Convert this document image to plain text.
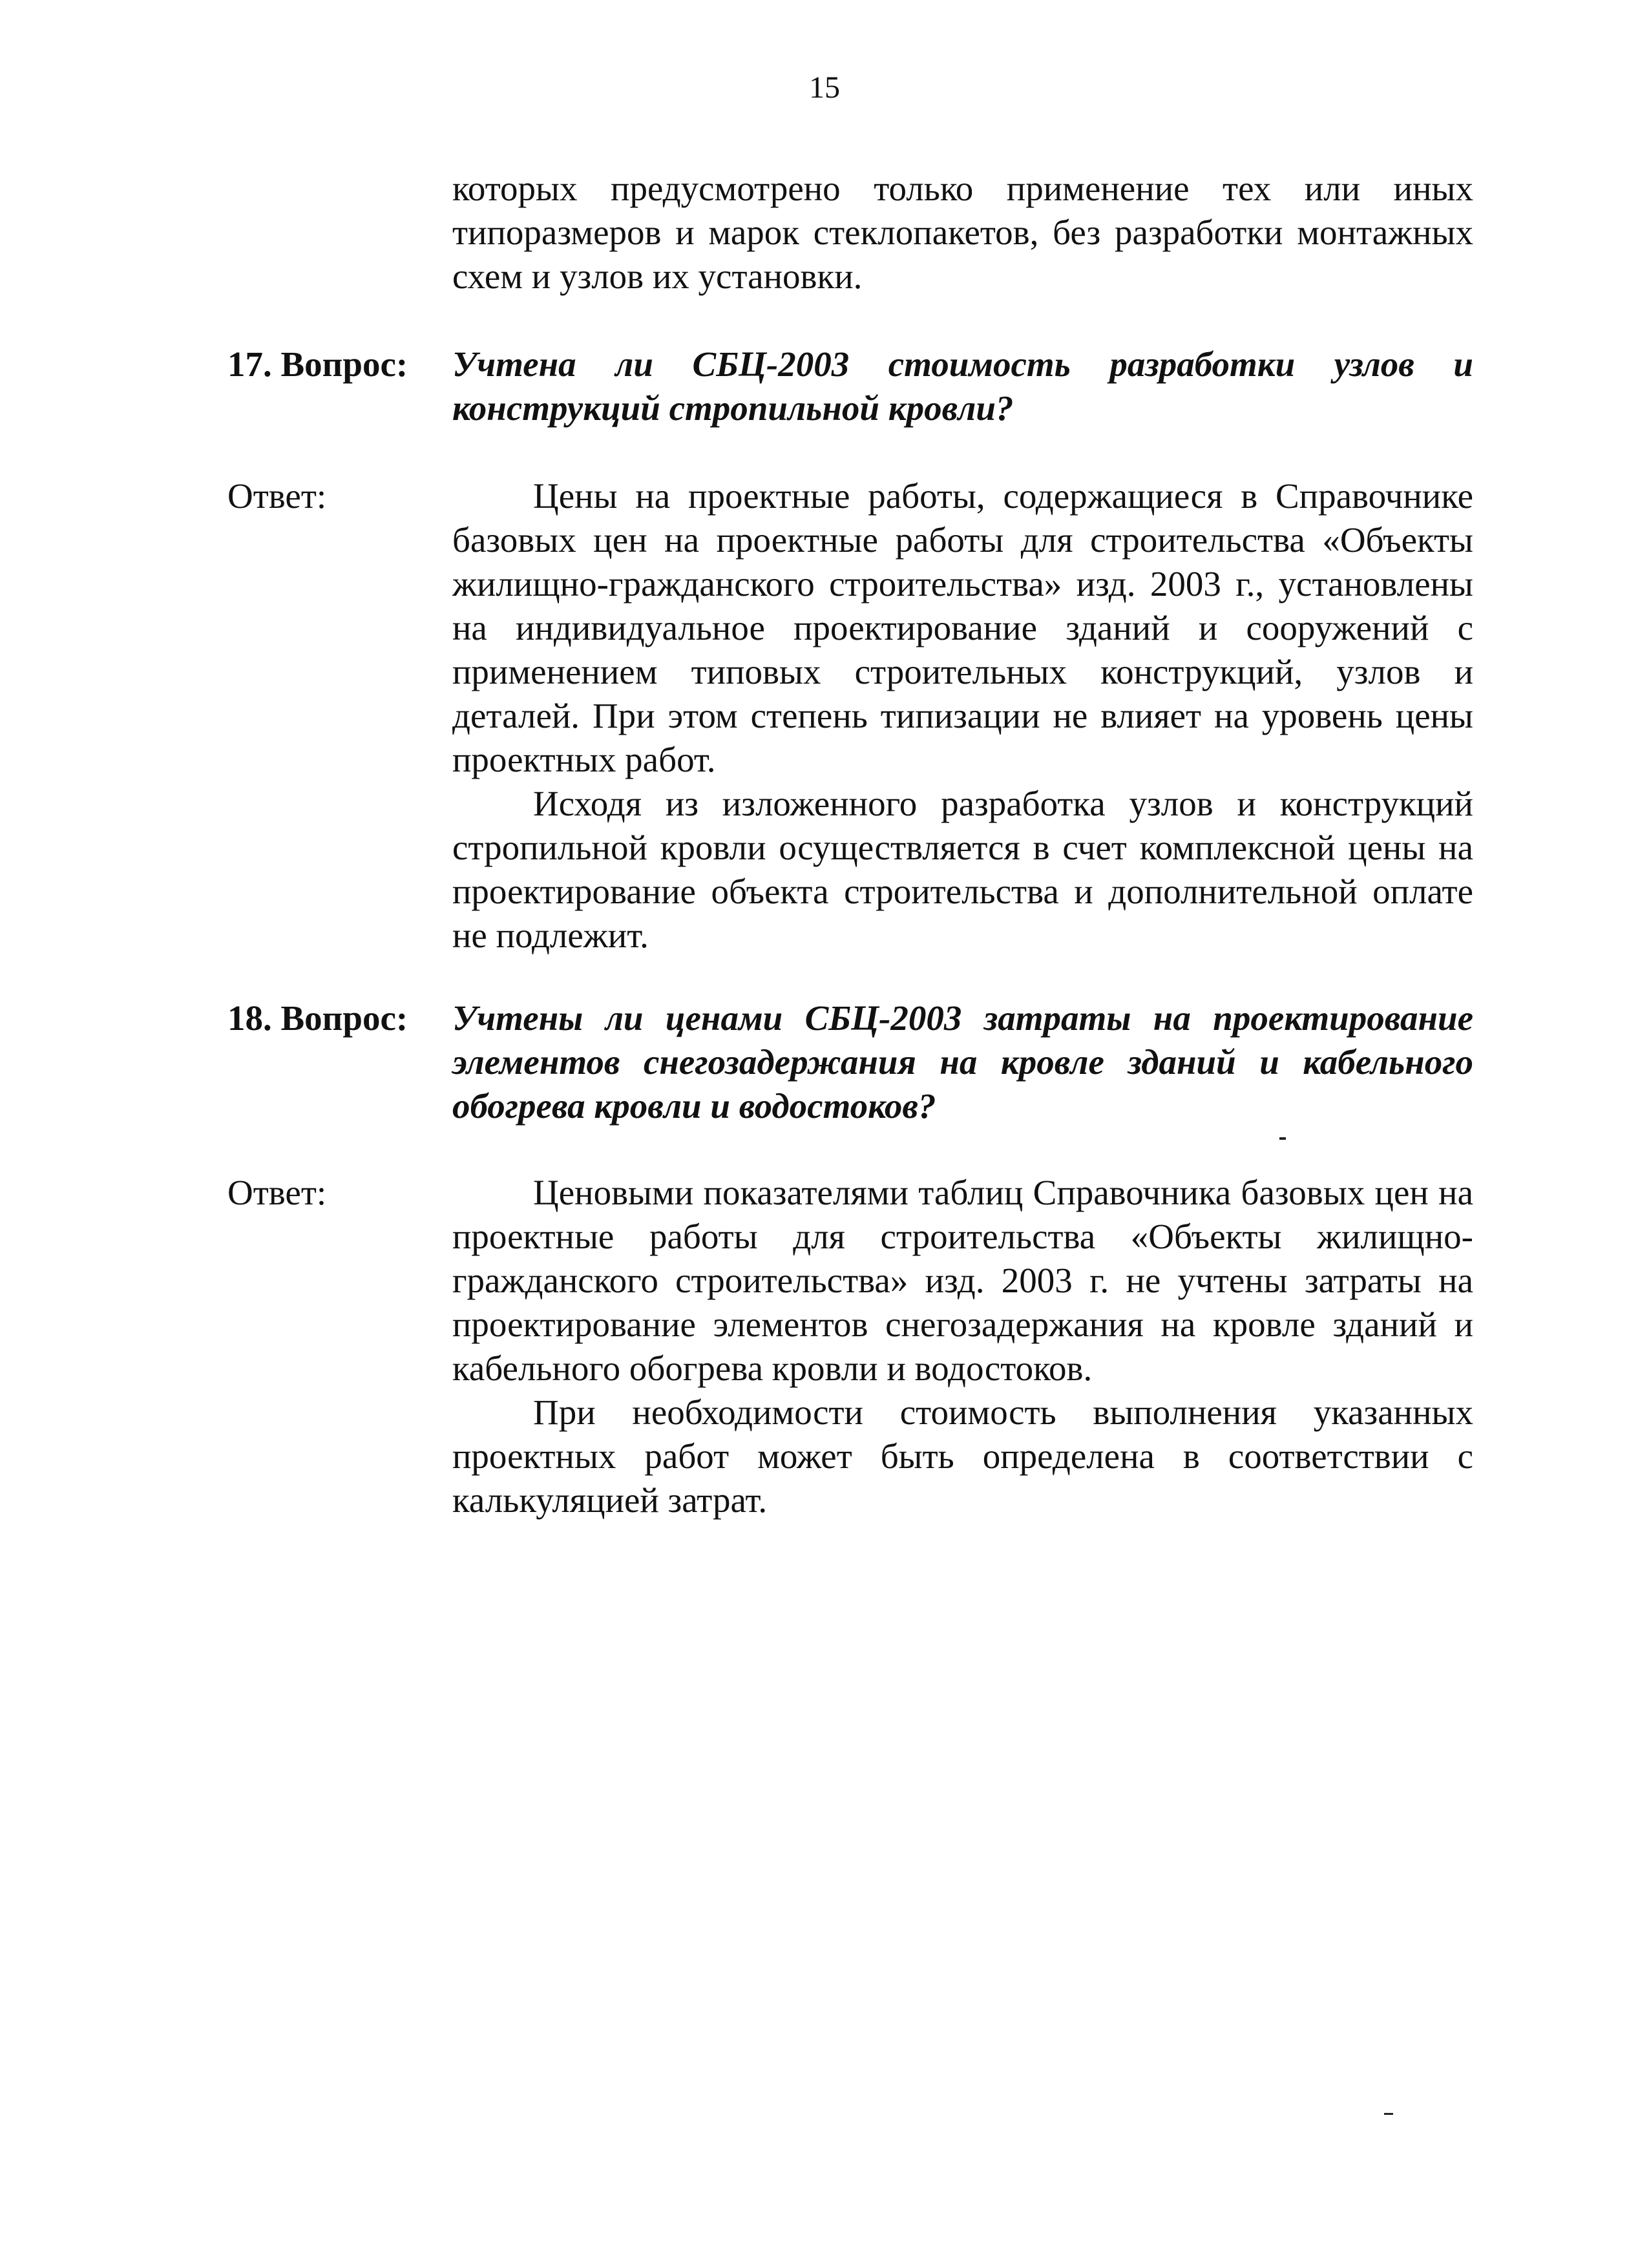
15

которых предусмотрено только применение тех или иных типоразмеров и марок стеклопакетов, без разработки монтажных схем и узлов их установки.

17. Вопрос: Учтена ли СБЦ-2003 стоимость разработки узлов и конструкций стропильной кровли?

Ответ:	Цены на проектные работы, содержащиеся в Справочнике базовых цен на проектные работы для строительства «Объекты жилищно-гражданского строительства» изд. 2003 г., установлены на индивидуальное проектирование зданий и сооружений с применением типовых строительных конструкций, узлов и деталей. При этом степень типизации не влияет на уровень цены проектных работ.

Исходя из изложенного разработка узлов и конструкций стропильной кровли осуществляется в счет комплексной цены на проектирование объекта строительства и дополнительной оплате не подлежит.

18. Вопрос: Учтены ли ценами СБЦ-2003 затраты на проектирование элементов снегозадержания на кровле зданий и кабельного обогрева кровли и водостоков?

Ответ:	Ценовыми показателями таблиц Справочника базовых цен на проектные работы для строительства «Объекты жилищно-гражданского строительства» изд. 2003 г. не учтены затраты на проектирование элементов снегозадержания на кровле зданий и кабельного обогрева кровли и водостоков.

При необходимости стоимость выполнения указанных проектных работ может быть определена в соответствии с калькуляцией затрат.
